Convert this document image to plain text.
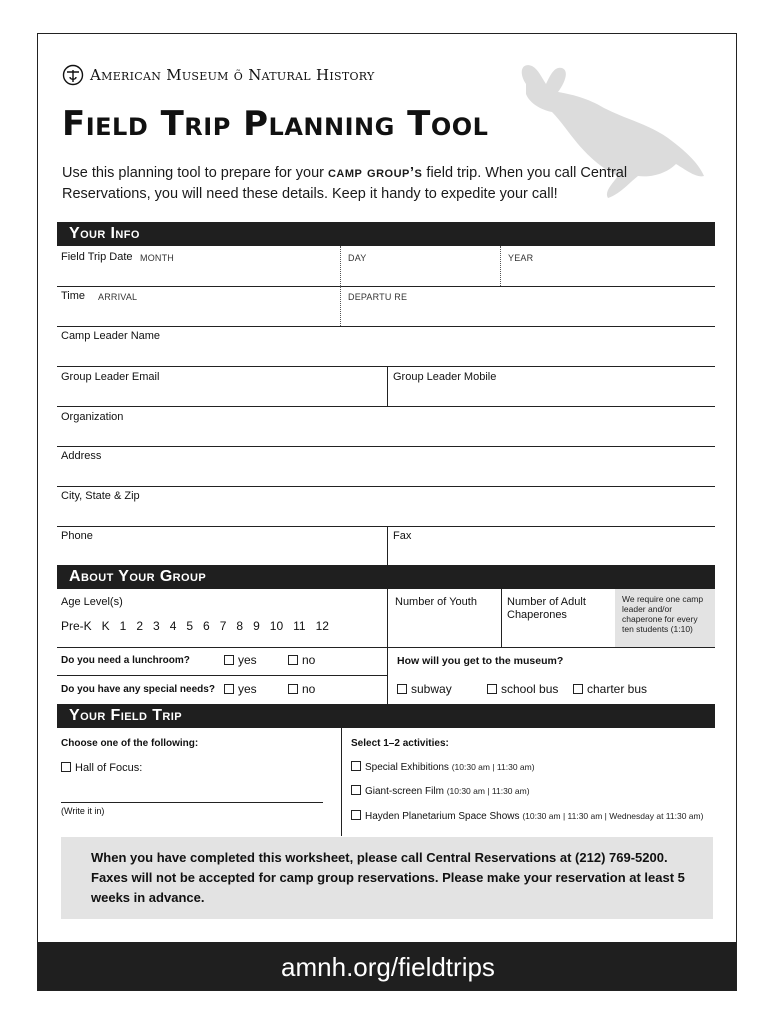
American Museum õ Natural History
Field Trip Planning Tool
Use this planning tool to prepare for your camp group’s field trip. When you call Central Reservations, you will need these details. Keep it handy to expedite your call!
Your Info
Field Trip Date MONTH	DAY	YEAR
Time ARRIVAL	DEPARTU RE
Camp Leader Name
Group Leader Email	Group Leader Mobile
Organization
Address
City, State & Zip
Phone	Fax
About Your Group
Age Level(s)
Pre-K   K   1   2   3   4   5   6   7   8   9   10   11   12
Number of Youth	Number of Adult Chaperones
We require one camp leader and/or chaperone for every ten students (1:10)
Do you need a lunchroom?	yes	no	How will you get to the museum?
Do you have any special needs?	yes	no	subway	school bus	charter bus
Your Field Trip
Choose one of the following:
Hall of Focus:
(Write it in)
Select 1–2 activities:
Special Exhibitions (10:30 am | 11:30 am)
Giant-screen Film (10:30 am | 11:30 am)
Hayden Planetarium Space Shows (10:30 am | 11:30 am | Wednesday at 11:30 am)
When you have completed this worksheet, please call Central Reservations at (212) 769-5200. Faxes will not be accepted for camp group reservations. Please make your reservation at least 5 weeks in advance.
amnh.org/fieldtrips
